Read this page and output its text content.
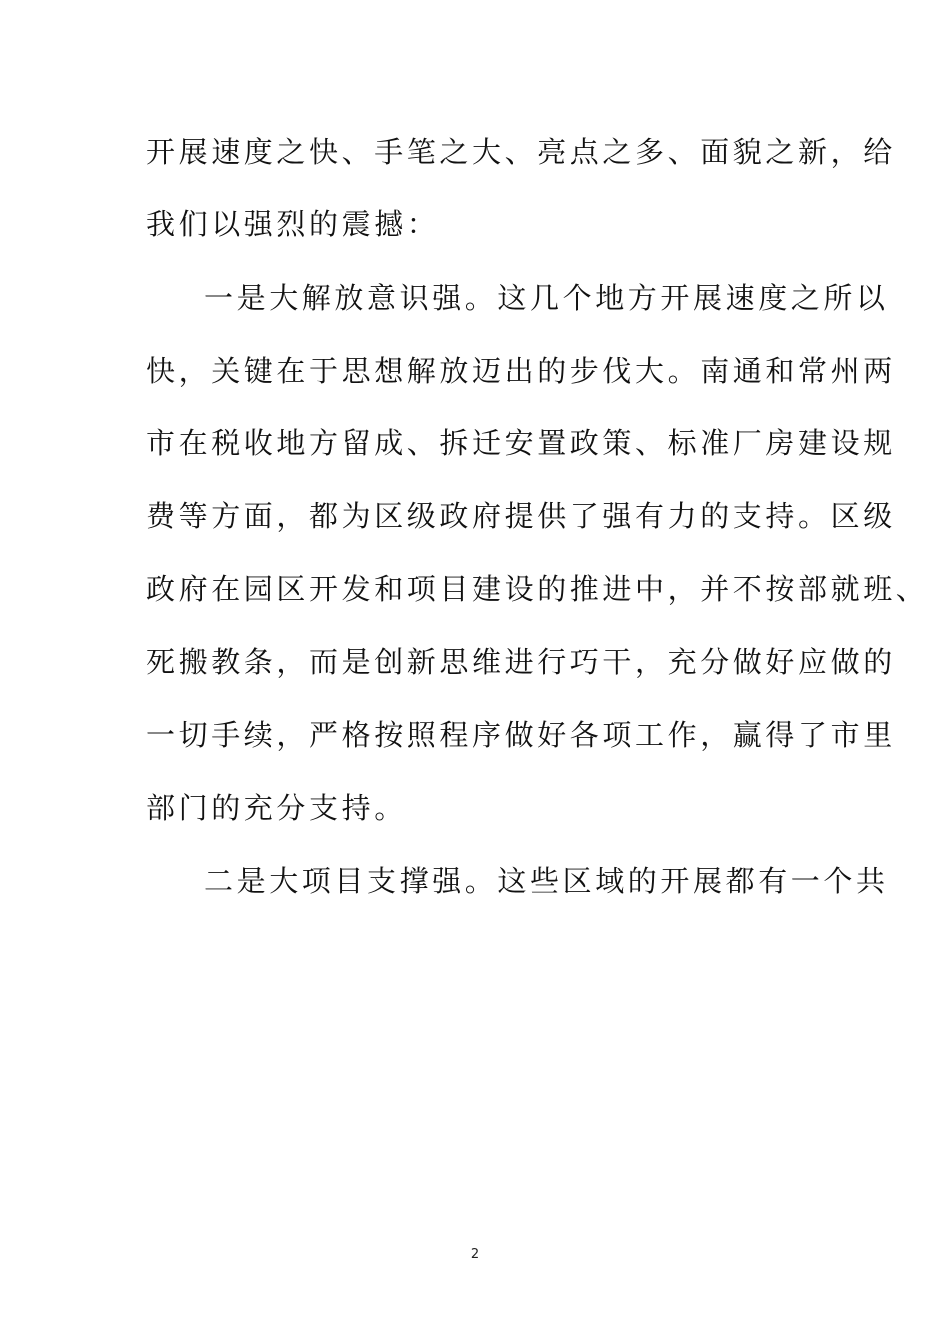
开展速度之快、手笔之大、亮点之多、面貌之新，给
我们以强烈的震撼：
一是大解放意识强。这几个地方开展速度之所以
快，关键在于思想解放迈出的步伐大。南通和常州两
市在税收地方留成、拆迁安置政策、标准厂房建设规
费等方面，都为区级政府提供了强有力的支持。区级
政府在园区开发和项目建设的推进中，并不按部就班、
死搬教条，而是创新思维进行巧干，充分做好应做的
一切手续，严格按照程序做好各项工作，赢得了市里
部门的充分支持。
二是大项目支撑强。这些区域的开展都有一个共
2
